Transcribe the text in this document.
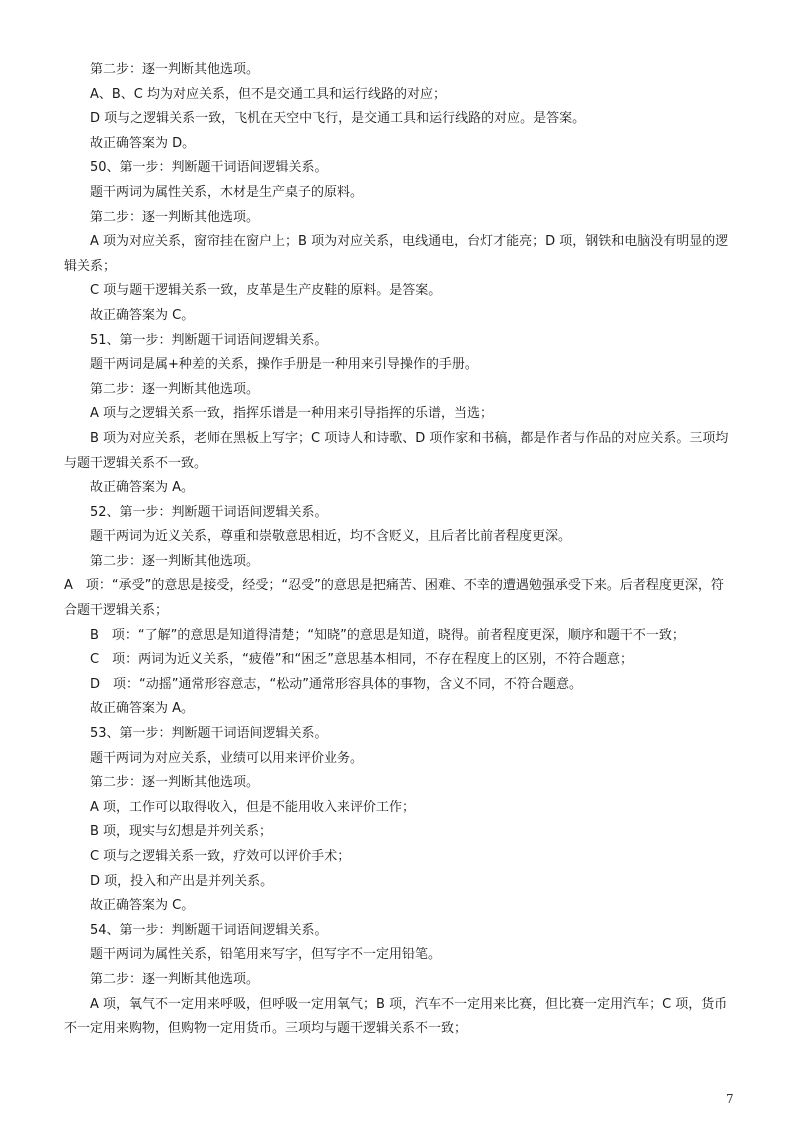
第二步：逐一判断其他选项。
A、B、C 均为对应关系，但不是交通工具和运行线路的对应；
D 项与之逻辑关系一致，飞机在天空中飞行，是交通工具和运行线路的对应。是答案。
故正确答案为 D。
50、第一步：判断题干词语间逻辑关系。
题干两词为属性关系，木材是生产桌子的原料。
第二步：逐一判断其他选项。
A 项为对应关系，窗帘挂在窗户上；B 项为对应关系，电线通电，台灯才能亮；D 项，钢铁和电脑没有明显的逻辑关系；
C 项与题干逻辑关系一致，皮革是生产皮鞋的原料。是答案。
故正确答案为 C。
51、第一步：判断题干词语间逻辑关系。
题干两词是属+种差的关系，操作手册是一种用来引导操作的手册。
第二步：逐一判断其他选项。
A 项与之逻辑关系一致，指挥乐谱是一种用来引导指挥的乐谱，当选；
B 项为对应关系，老师在黑板上写字；C 项诗人和诗歌、D 项作家和书稿，都是作者与作品的对应关系。三项均与题干逻辑关系不一致。
故正确答案为 A。
52、第一步：判断题干词语间逻辑关系。
题干两词为近义关系，尊重和崇敬意思相近，均不含贬义，且后者比前者程度更深。
第二步：逐一判断其他选项。
A　项：“承受”的意思是接受，经受；“忍受”的意思是把痛苦、困难、不幸的遭遇勉强承受下来。后者程度更深，符合题干逻辑关系；
B　项：“了解”的意思是知道得清楚；“知晓”的意思是知道，晓得。前者程度更深，顺序和题干不一致；
C　项：两词为近义关系，“疲倦”和“困乏”意思基本相同，不存在程度上的区别，不符合题意；
D　项：“动摇”通常形容意志，“松动”通常形容具体的事物，含义不同，不符合题意。
故正确答案为 A。
53、第一步：判断题干词语间逻辑关系。
题干两词为对应关系，业绩可以用来评价业务。
第二步：逐一判断其他选项。
A 项，工作可以取得收入，但是不能用收入来评价工作；
B 项，现实与幻想是并列关系；
C 项与之逻辑关系一致，疗效可以评价手术；
D 项，投入和产出是并列关系。
故正确答案为 C。
54、第一步：判断题干词语间逻辑关系。
题干两词为属性关系，铅笔用来写字，但写字不一定用铅笔。
第二步：逐一判断其他选项。
A 项，氧气不一定用来呼吸，但呼吸一定用氧气；B 项，汽车不一定用来比赛，但比赛一定用汽车；C 项，货币不一定用来购物，但购物一定用货币。三项均与题干逻辑关系不一致；
7
